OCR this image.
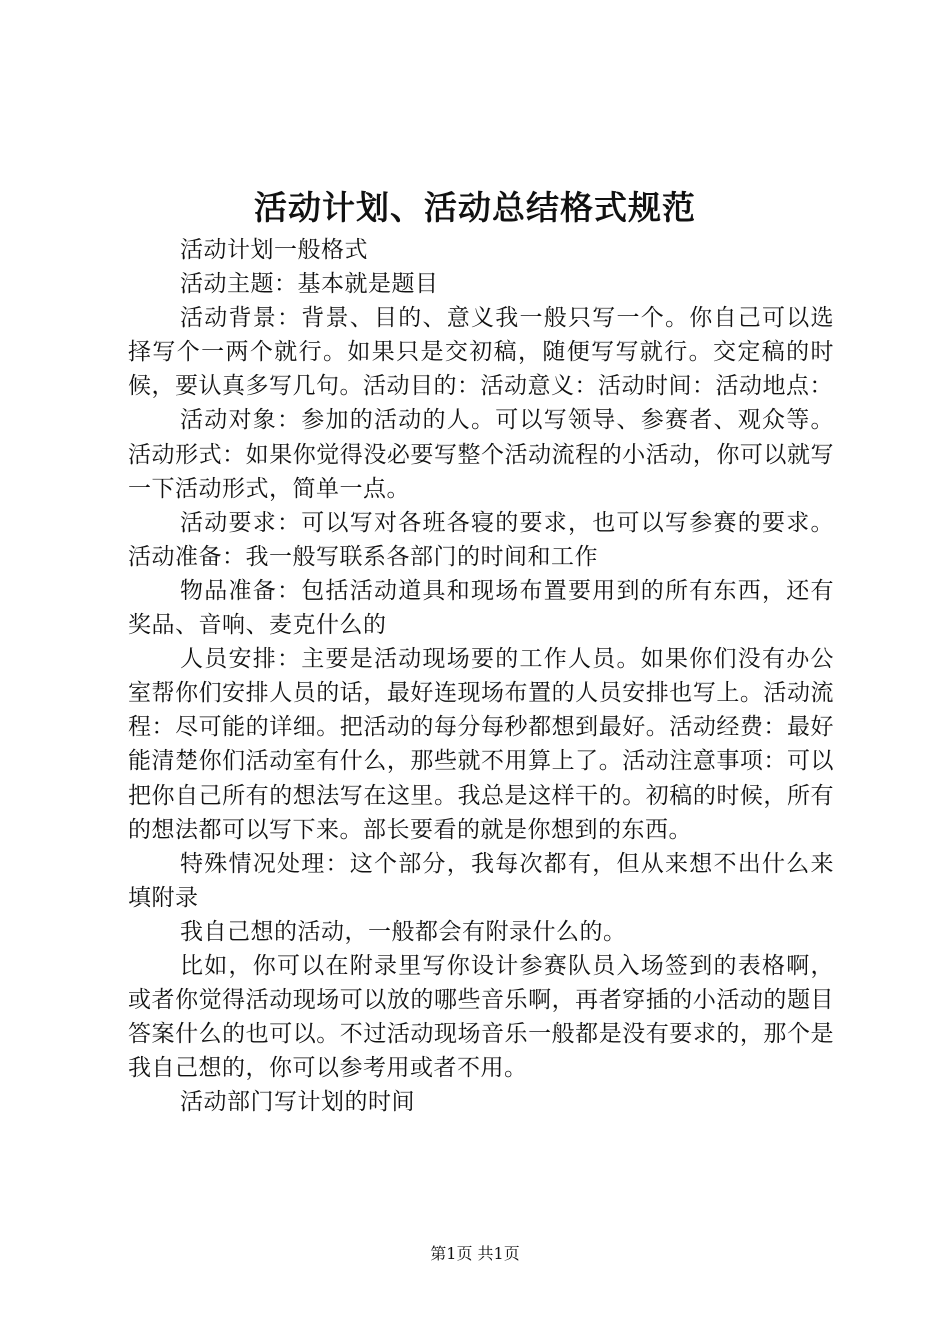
活动计划、活动总结格式规范

活动计划一般格式

活动主题：基本就是题目

活动背景：背景、目的、意义我一般只写一个。你自己可以选择写个一两个就行。如果只是交初稿，随便写写就行。交定稿的时候，要认真多写几句。活动目的：活动意义：活动时间：活动地点：

活动对象：参加的活动的人。可以写领导、参赛者、观众等。活动形式：如果你觉得没必要写整个活动流程的小活动，你可以就写一下活动形式，简单一点。

活动要求：可以写对各班各寝的要求，也可以写参赛的要求。活动准备：我一般写联系各部门的时间和工作

物品准备：包括活动道具和现场布置要用到的所有东西，还有奖品、音响、麦克什么的

人员安排：主要是活动现场要的工作人员。如果你们没有办公室帮你们安排人员的话，最好连现场布置的人员安排也写上。活动流程：尽可能的详细。把活动的每分每秒都想到最好。活动经费：最好能清楚你们活动室有什么，那些就不用算上了。活动注意事项：可以把你自己所有的想法写在这里。我总是这样干的。初稿的时候，所有的想法都可以写下来。部长要看的就是你想到的东西。

特殊情况处理：这个部分，我每次都有，但从来想不出什么来填附录

我自己想的活动，一般都会有附录什么的。

比如，你可以在附录里写你设计参赛队员入场签到的表格啊，或者你觉得活动现场可以放的哪些音乐啊，再者穿插的小活动的题目答案什么的也可以。不过活动现场音乐一般都是没有要求的，那个是我自己想的，你可以参考用或者不用。

活动部门写计划的时间

第1页 共1页
